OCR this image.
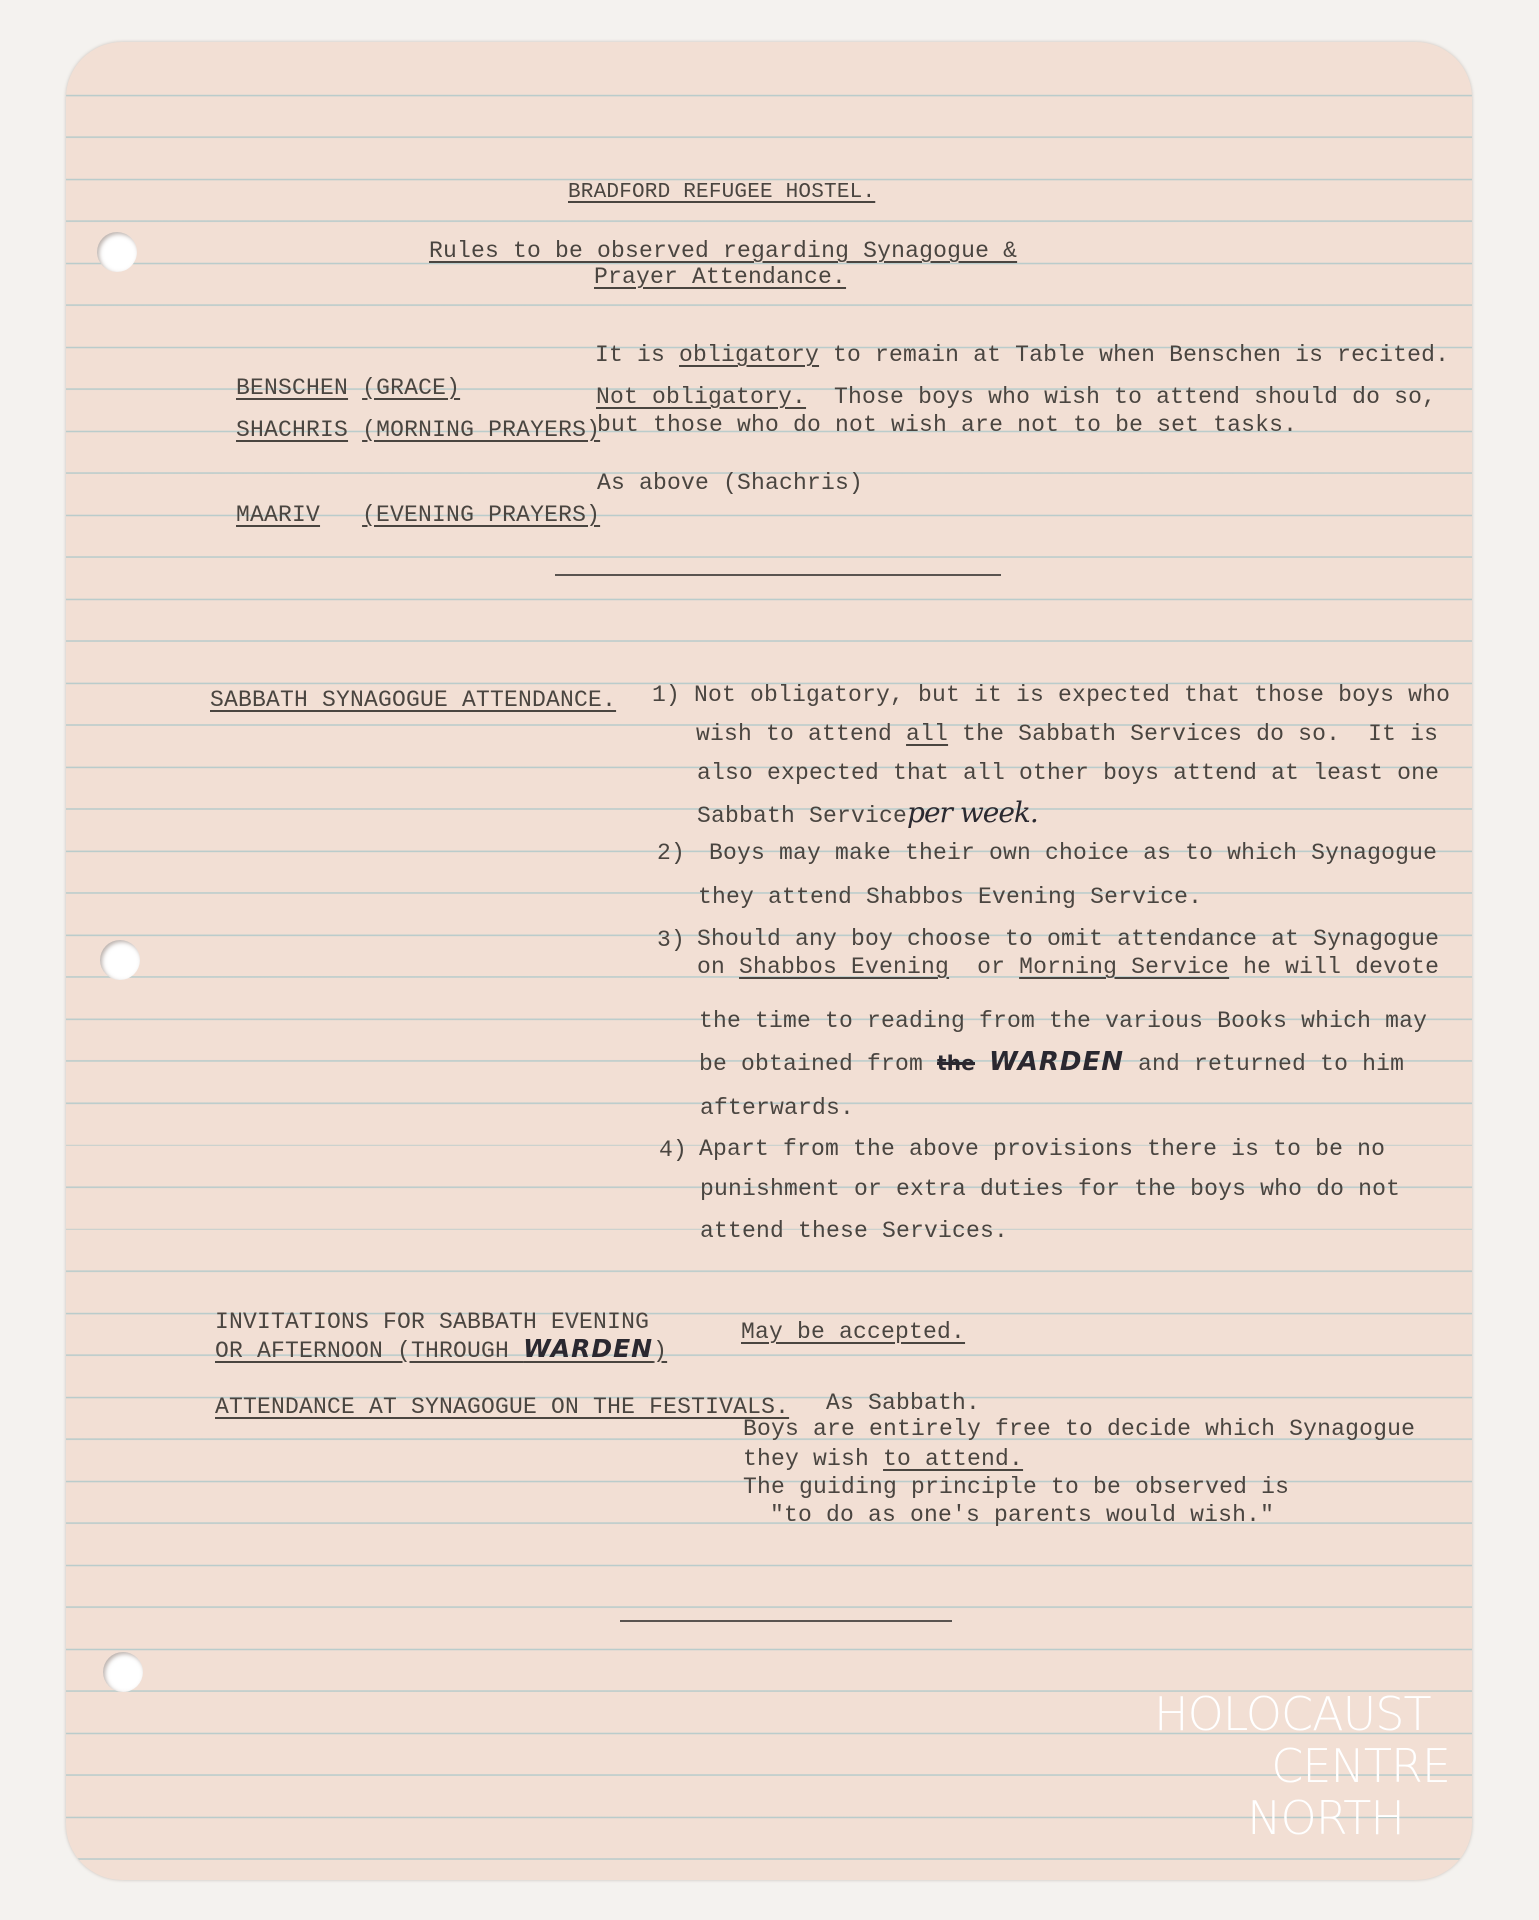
BRADFORD REFUGEE HOSTEL.
Rules to be observed regarding Synagogue &
Prayer Attendance.

BENSCHEN (GRACE)

It is obligatory to remain at Table when Benschen is recited.

SHACHRIS (MORNING PRAYERS)

Not obligatory.  Those boys who wish to attend should do so,
but those who do not wish are not to be set tasks.

MAARIV (EVENING PRAYERS)

As above (Shachris)
SABBATH SYNAGOGUE ATTENDANCE. 1) Not obligatory, but it is expected that those boys who
wish to attend all the Sabbath Services do so.  It is
also expected that all other boys attend at least one
Sabbath Serviceper week.
2) Boys may make their own choice as to which Synagogue
they attend Shabbos Evening Service.
3) Should any boy choose to omit attendance at Synagogue
on Shabbos Evening  or Morning Service he will devote
the time to reading from the various Books which may
be obtained from the WARDEN and returned to him
afterwards.
4) Apart from the above provisions there is to be no
punishment or extra duties for the boys who do not
attend these Services.
INVITATIONS FOR SABBATH EVENING
OR AFTERNOON (THROUGH WARDEN)
May be accepted.
ATTENDANCE AT SYNAGOGUE ON THE FESTIVALS. As Sabbath.
Boys are entirely free to decide which Synagogue
they wish to attend.
The guiding principle to be observed is
"to do as one's parents would wish."
HOLOCAUST
CENTRE
NORTH
